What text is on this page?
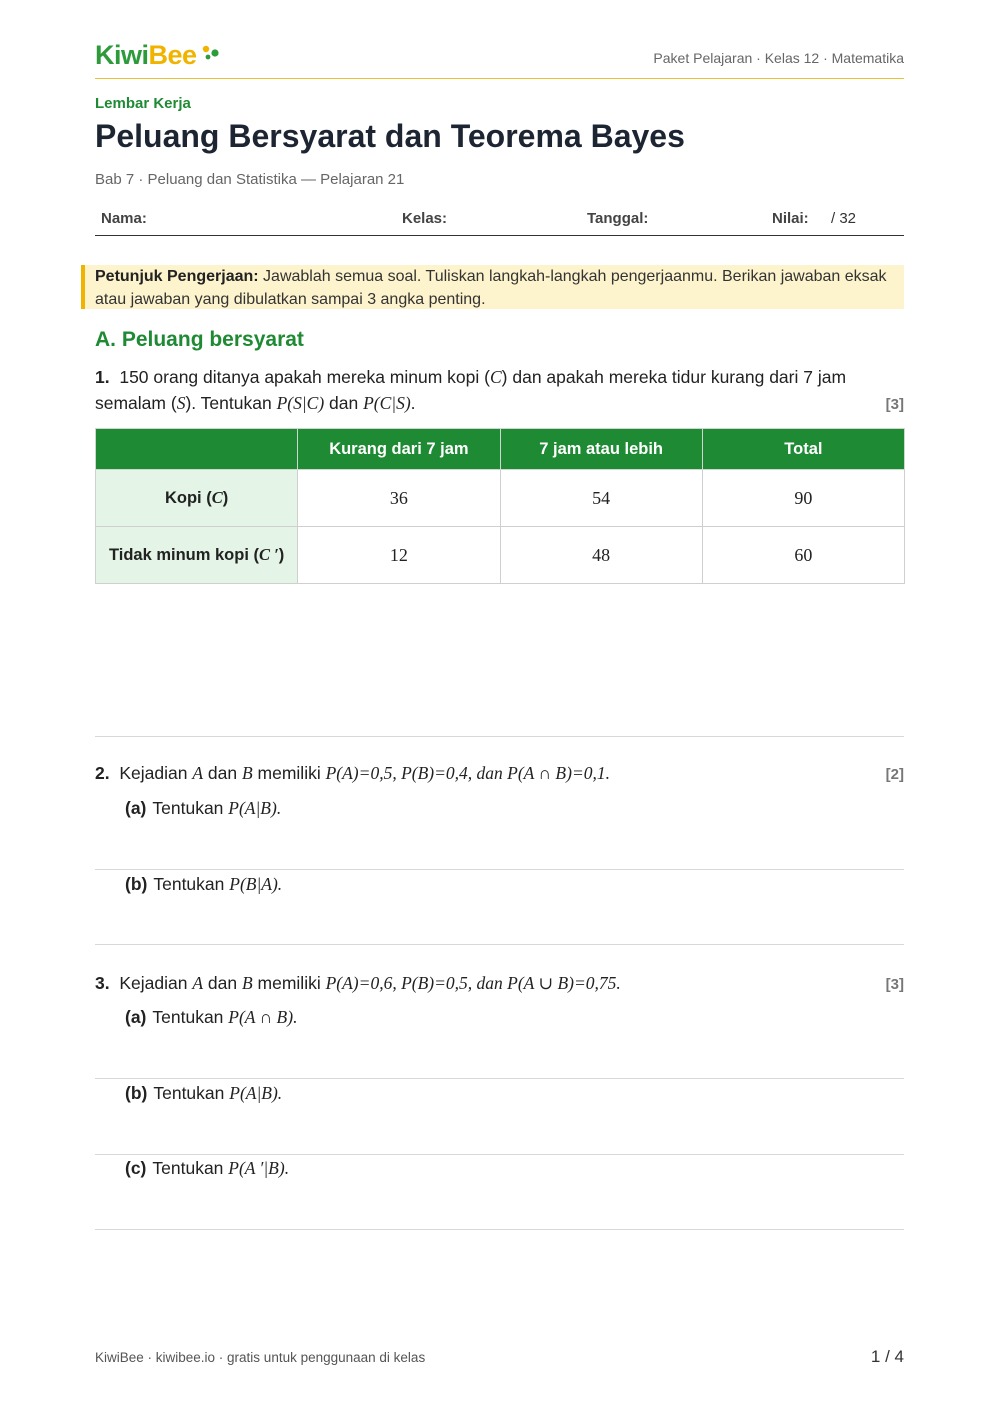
KiwiBee	Paket Pelajaran · Kelas 12 · Matematika
Lembar Kerja
Peluang Bersyarat dan Teorema Bayes
Bab 7 · Peluang dan Statistika — Pelajaran 21
Nama:	Kelas:	Tanggal:	Nilai: / 32
Petunjuk Pengerjaan: Jawablah semua soal. Tuliskan langkah-langkah pengerjaanmu. Berikan jawaban eksak atau jawaban yang dibulatkan sampai 3 angka penting.
A. Peluang bersyarat
1. 150 orang ditanya apakah mereka minum kopi (C) dan apakah mereka tidur kurang dari 7 jam semalam (S). Tentukan P(S|C) dan P(C|S).	[3]
	Kurang dari 7 jam	7 jam atau lebih	Total
Kopi (C)	36	54	90
Tidak minum kopi (C ′)	12	48	60
2. Kejadian A dan B memiliki P(A)=0,5, P(B)=0,4, dan P(A ∩ B)=0,1.	[2]
(a) Tentukan P(A|B).
(b) Tentukan P(B|A).
3. Kejadian A dan B memiliki P(A)=0,6, P(B)=0,5, dan P(A ∪ B)=0,75.	[3]
(a) Tentukan P(A ∩ B).
(b) Tentukan P(A|B).
(c) Tentukan P(A ′|B).
KiwiBee · kiwibee.io · gratis untuk penggunaan di kelas	1 / 4
